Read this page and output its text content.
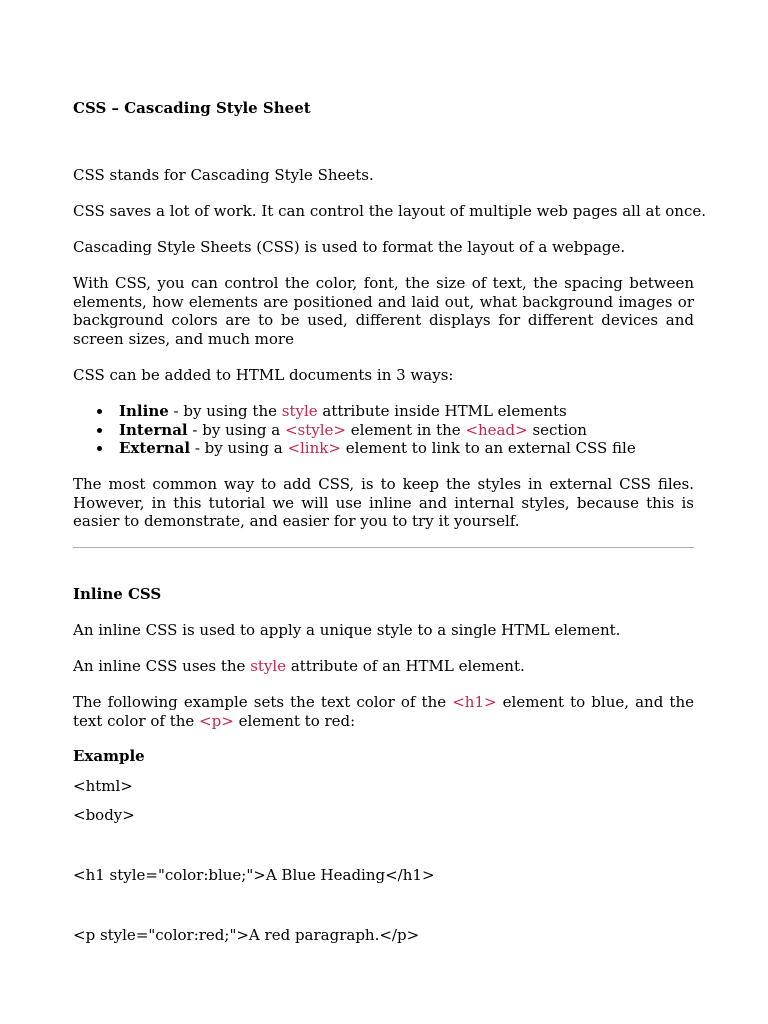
CSS – Cascading Style Sheet
CSS stands for Cascading Style Sheets.
CSS saves a lot of work. It can control the layout of multiple web pages all at once.
Cascading Style Sheets (CSS) is used to format the layout of a webpage.
With CSS, you can control the color, font, the size of text, the spacing between elements, how elements are positioned and laid out, what background images or background colors are to be used, different displays for different devices and screen sizes, and much more
CSS can be added to HTML documents in 3 ways:
Inline - by using the style attribute inside HTML elements
Internal - by using a <style> element in the <head> section
External - by using a <link> element to link to an external CSS file
The most common way to add CSS, is to keep the styles in external CSS files. However, in this tutorial we will use inline and internal styles, because this is easier to demonstrate, and easier for you to try it yourself.
Inline CSS
An inline CSS is used to apply a unique style to a single HTML element.
An inline CSS uses the style attribute of an HTML element.
The following example sets the text color of the <h1> element to blue, and the text color of the <p> element to red:
Example
<html>
<body>
<h1 style="color:blue;">A Blue Heading</h1>
<p style="color:red;">A red paragraph.</p>
